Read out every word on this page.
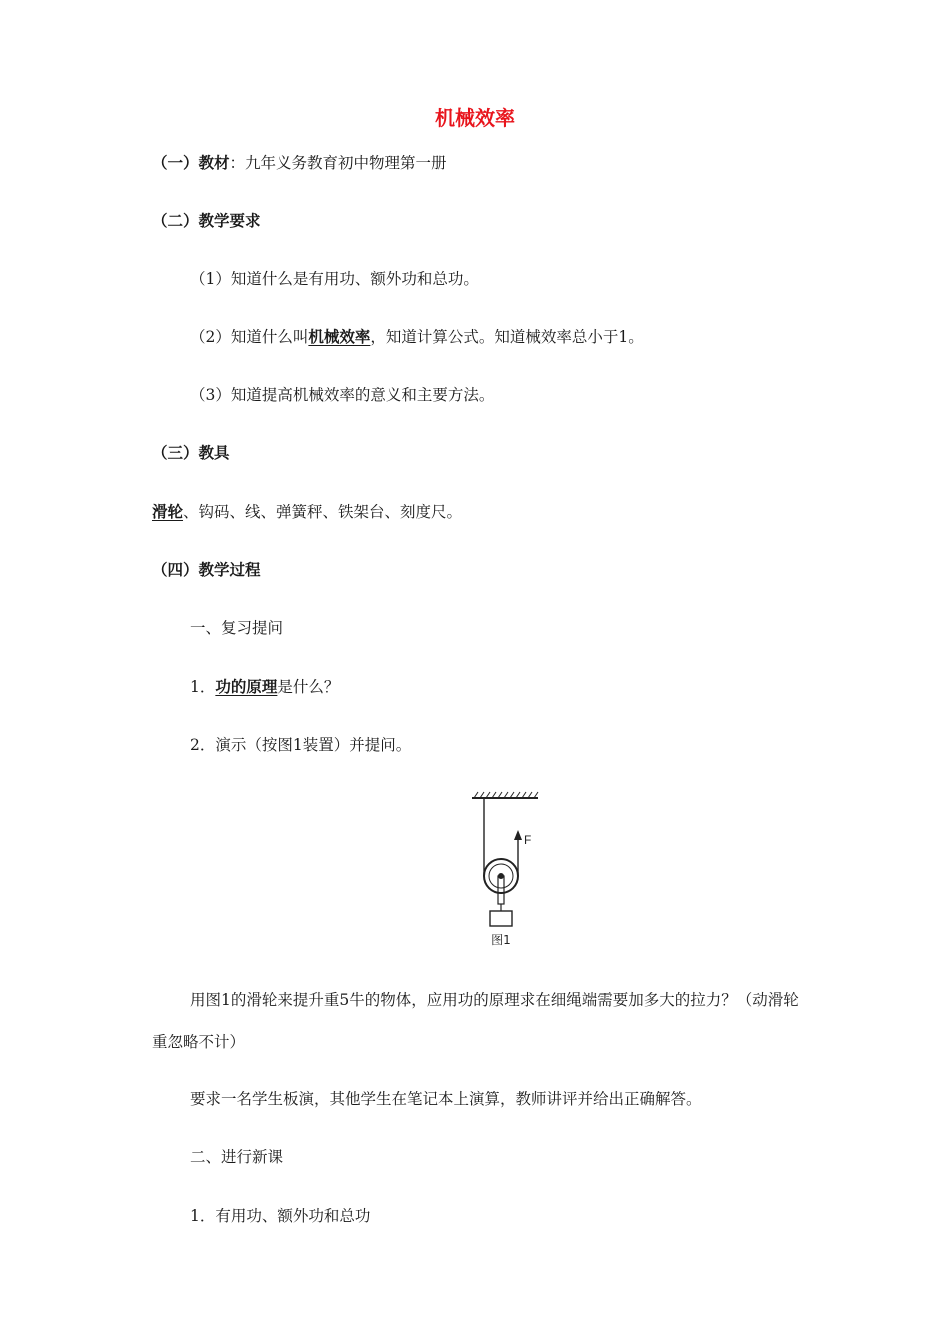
机械效率
（一）教材：九年义务教育初中物理第一册
（二）教学要求
（1）知道什么是有用功、额外功和总功。
（2）知道什么叫机械效率，知道计算公式。知道械效率总小于1。
（3）知道提高机械效率的意义和主要方法。
（三）教具
滑轮、钩码、线、弹簧秤、铁架台、刻度尺。
（四）教学过程
一、复习提问
1．功的原理是什么？
2．演示（按图1装置）并提问。
F
图1
用图1的滑轮来提升重5牛的物体，应用功的原理求在细绳端需要加多大的拉力？（动滑轮
重忽略不计）
要求一名学生板演，其他学生在笔记本上演算，教师讲评并给出正确解答。
二、进行新课
1．有用功、额外功和总功
